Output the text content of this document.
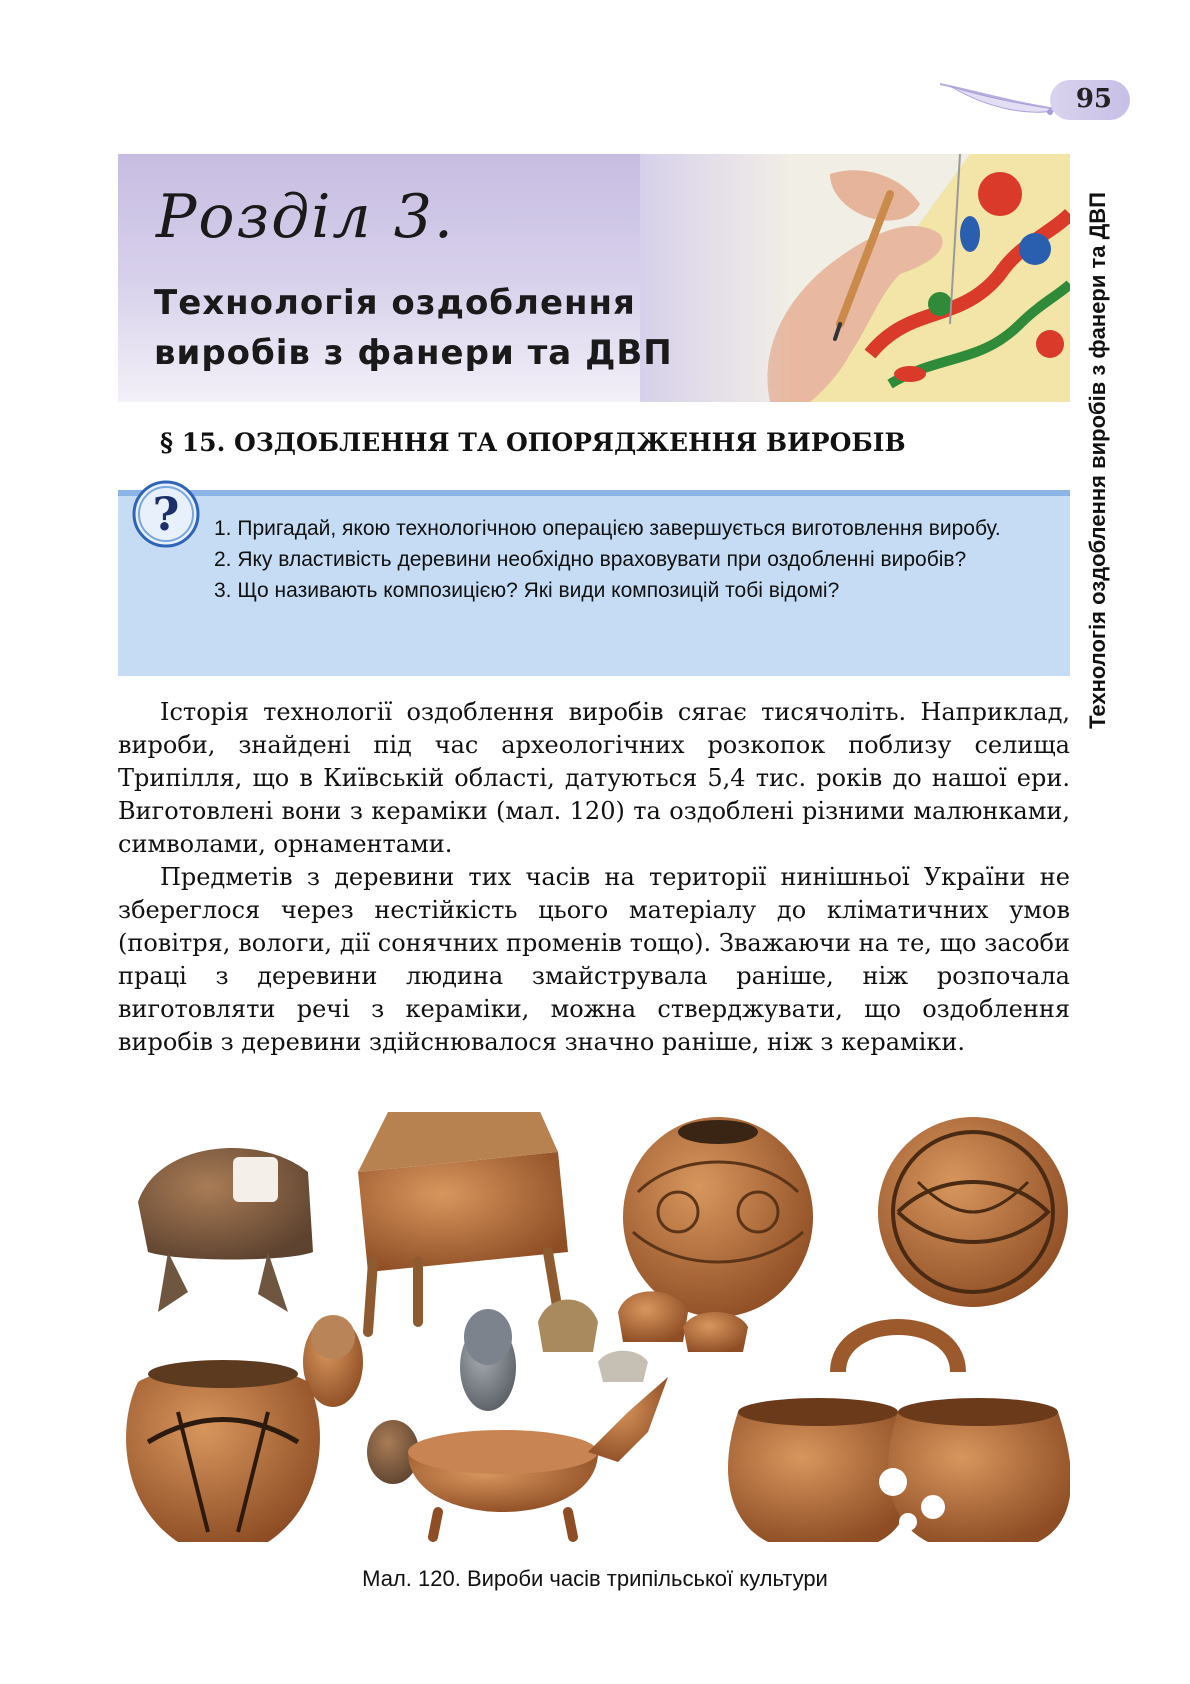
95
Технологія оздоблення виробів з фанери та ДВП
Розділ 3.
Технологія оздоблення
виробів з фанери та ДВП
§ 15. ОЗДОБЛЕННЯ ТА ОПОРЯДЖЕННЯ ВИРОБІВ
? 1. Пригадай, якою технологічною операцією завершується виготовлення виробу.
2. Яку властивість деревини необхідно враховувати при оздобленні виробів?
3. Що називають композицією? Які види композицій тобі відомі?

Історія технології оздоблення виробів сягає тисячоліть. Наприклад, вироби, знайдені під час археологічних розкопок поблизу селища Трипілля, що в Київській області, датуються 5,4 тис. років до нашої ери. Виготовлені вони з кераміки (мал. 120) та оздоблені різними малюнками, символами, орнаментами.

Предметів з деревини тих часів на території нинішньої України не збереглося через нестійкість цього матеріалу до кліматичних умов (повітря, вологи, дії сонячних променів тощо). Зважаючи на те, що засоби праці з деревини людина змайструвала раніше, ніж розпочала виготовляти речі з кераміки, можна стверджувати, що оздоблення виробів з деревини здійснювалося значно раніше, ніж з кераміки.

Мал. 120. Вироби часів трипільської культури
